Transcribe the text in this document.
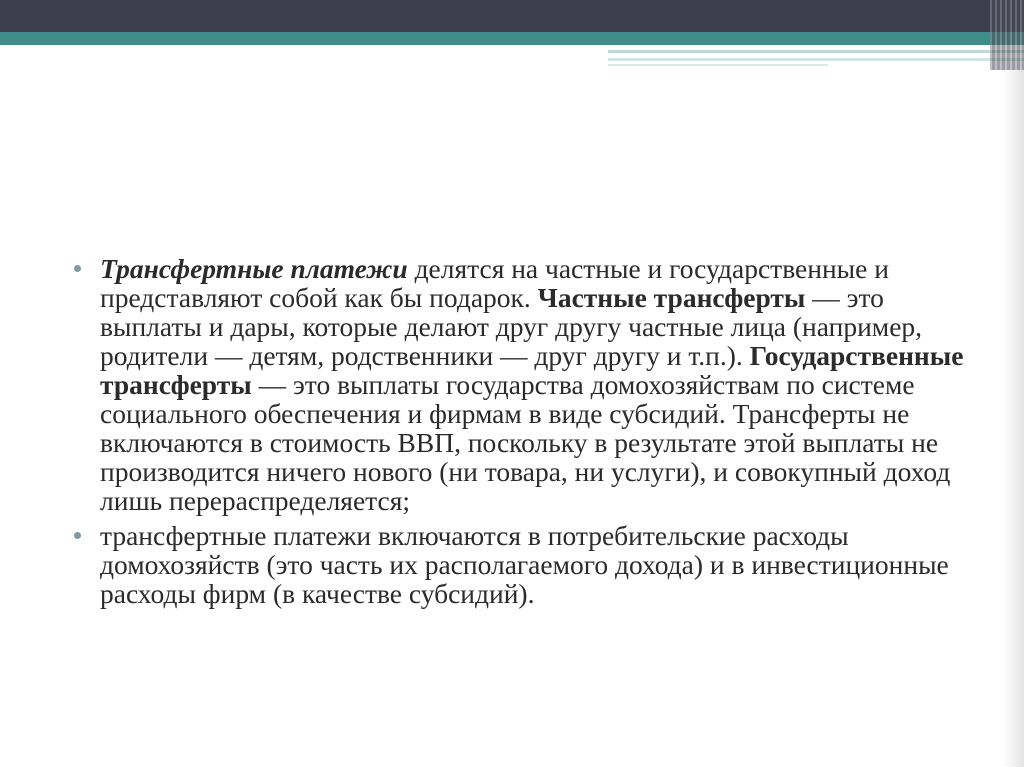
Трансфертные платежи делятся на частные и государственные и представляют собой как бы подарок. Частные трансферты — это выплаты и дары, которые делают друг другу частные лица (например, родители — детям, родственники — друг другу и т.п.). Государственные трансферты — это выплаты государства домохозяйствам по системе социального обеспечения и фирмам в виде субсидий. Трансферты не включаются в стоимость ВВП, поскольку в результате этой выплаты не производится ничего нового (ни товара, ни услуги), и совокупный доход лишь перераспределяется;
трансфертные платежи включаются в потребительские расходы домохозяйств (это часть их располагаемого дохода) и в инвестиционные расходы фирм (в качестве субсидий).
